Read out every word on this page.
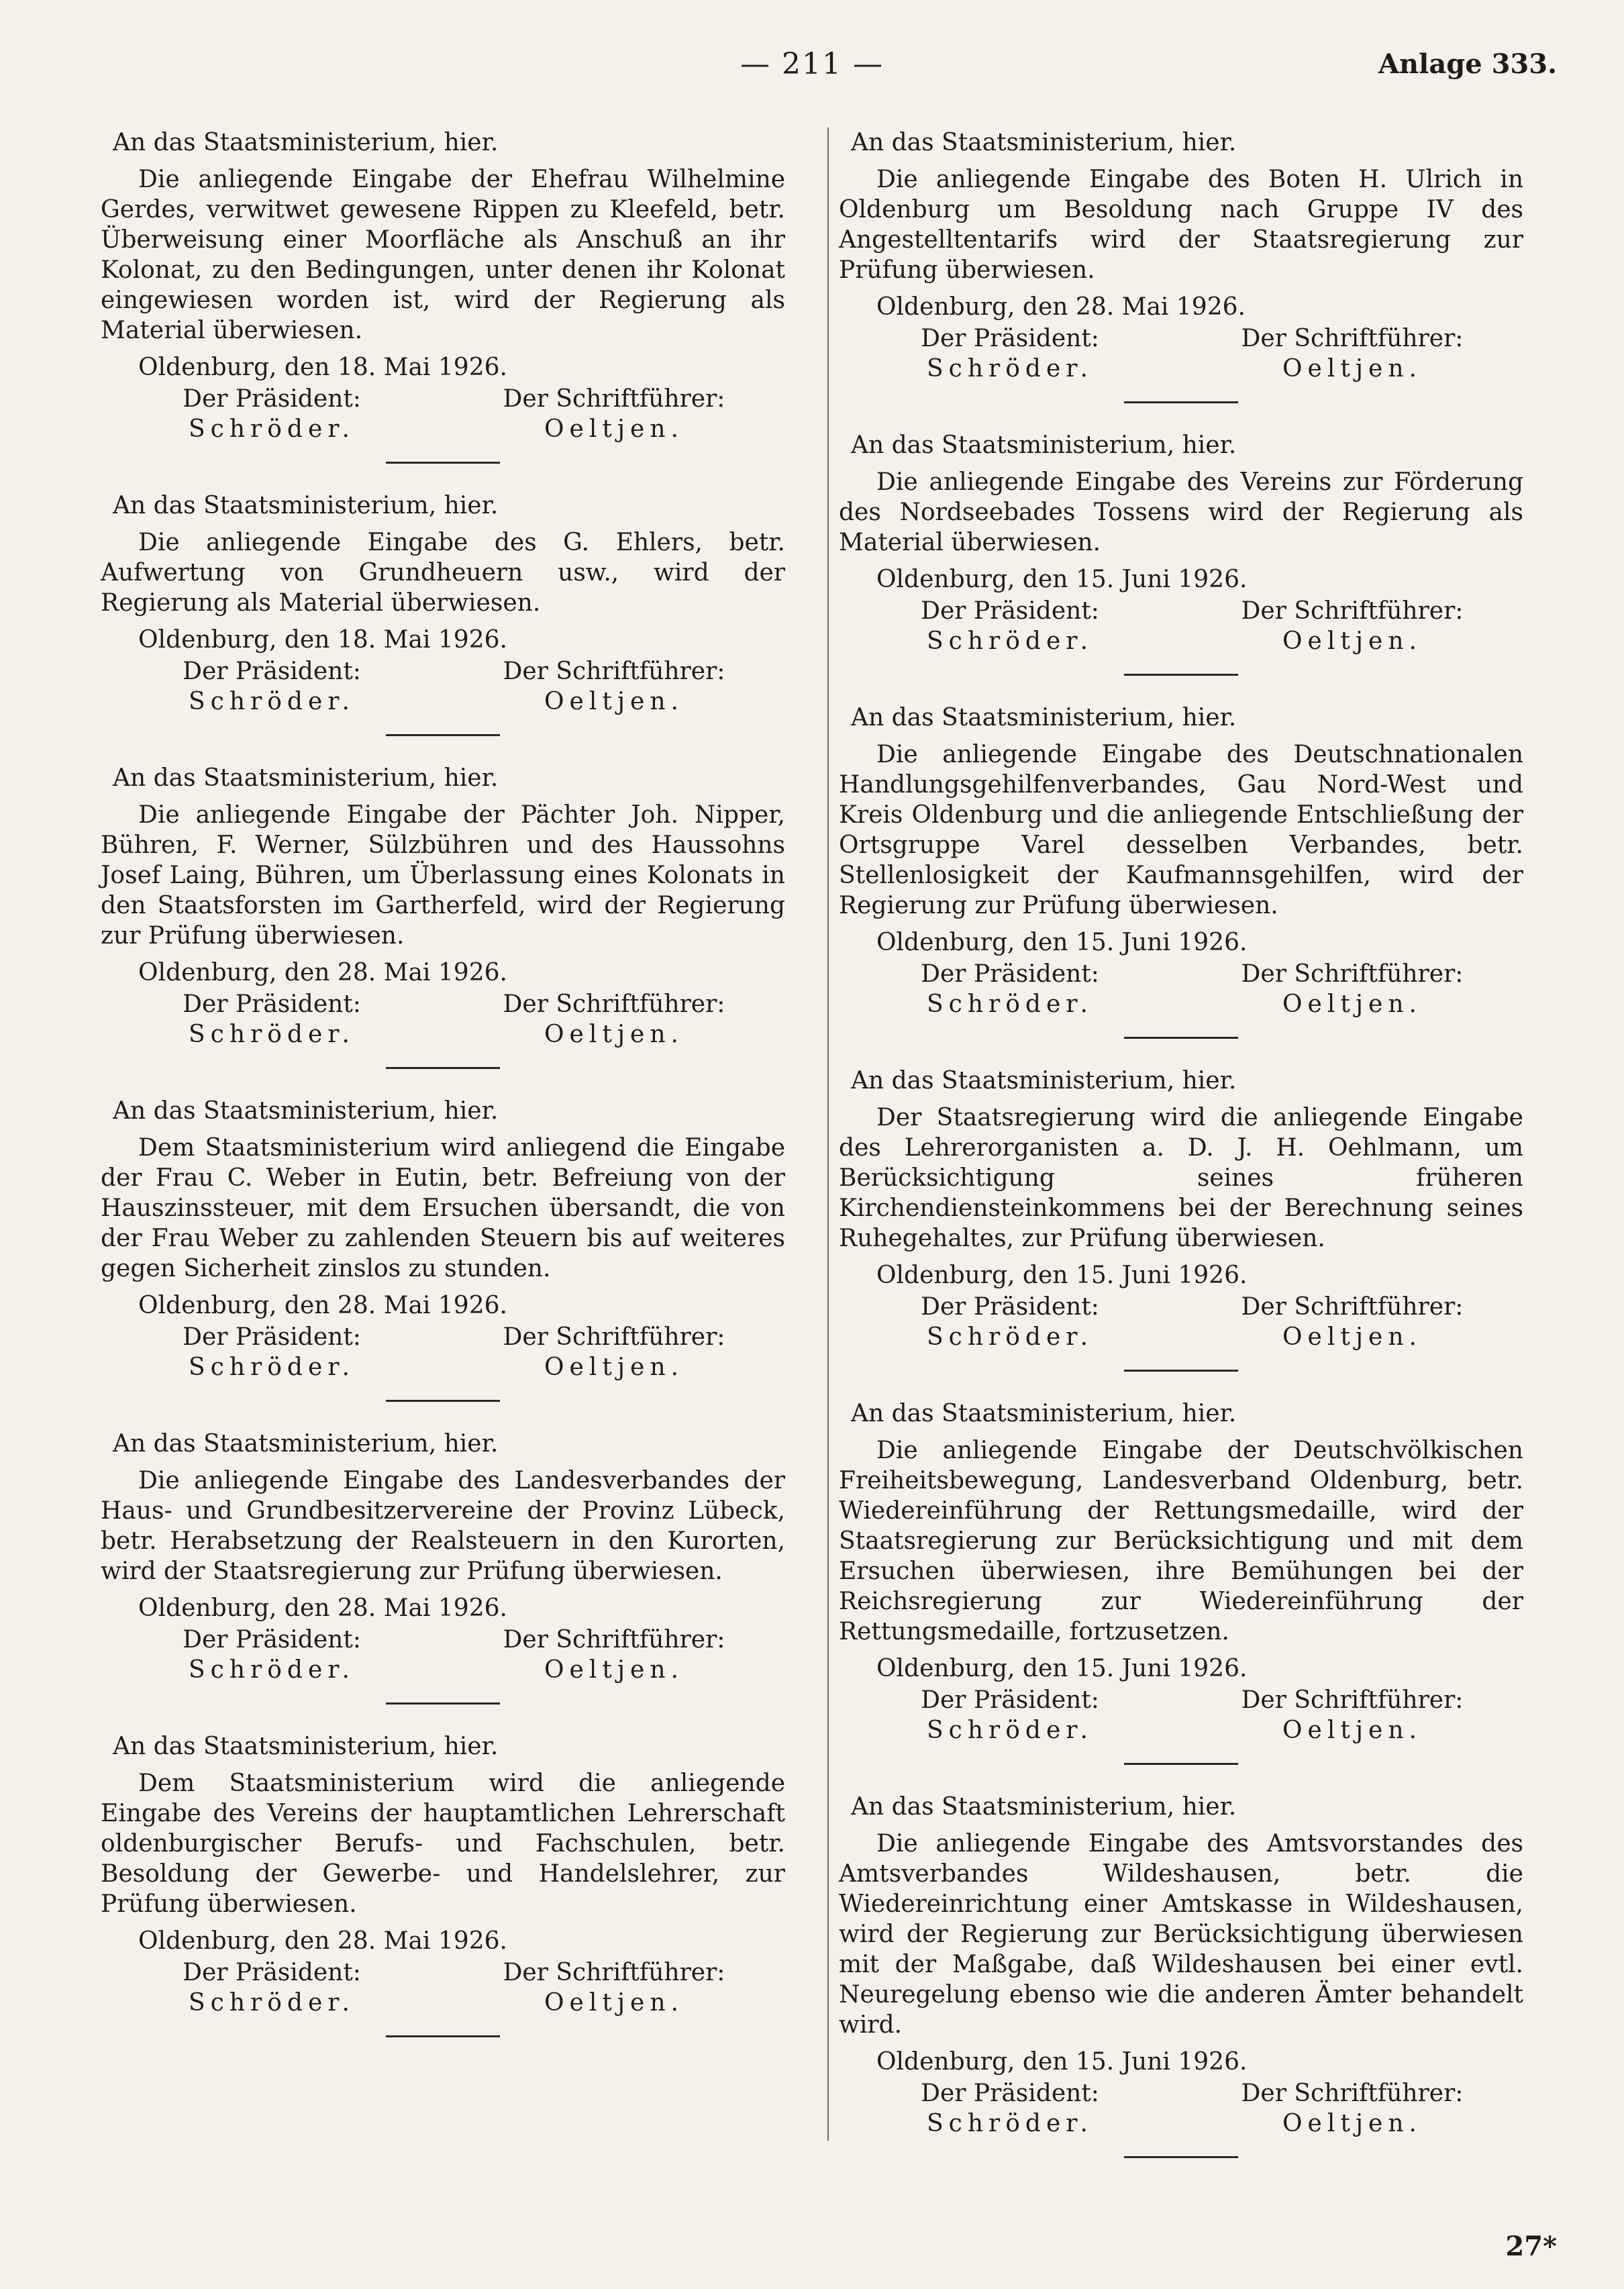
— 211 —	Anlage 333.

An das Staatsministerium, hier.

Die anliegende Eingabe der Ehefrau Wilhelmine Gerdes, verwitwet gewesene Rippen zu Kleefeld, betr. Überweisung einer Moorfläche als Anschuß an ihr Kolonat, zu den Bedingungen, unter denen ihr Kolonat eingewiesen worden ist, wird der Regierung als Material überwiesen.

Oldenburg, den 18. Mai 1926.

Der Präsident:
Schröder.
Der Schriftführer:
Oeltjen.

An das Staatsministerium, hier.

Die anliegende Eingabe des G. Ehlers, betr. Aufwertung von Grundheuern usw., wird der Regierung als Material überwiesen.

Oldenburg, den 18. Mai 1926.

Der Präsident:
Schröder.
Der Schriftführer:
Oeltjen.

An das Staatsministerium, hier.

Die anliegende Eingabe der Pächter Joh. Nipper, Bühren, F. Werner, Sülzbühren und des Haussohns Josef Laing, Bühren, um Überlassung eines Kolonats in den Staatsforsten im Gartherfeld, wird der Regierung zur Prüfung überwiesen.

Oldenburg, den 28. Mai 1926.

Der Präsident:
Schröder.
Der Schriftführer:
Oeltjen.

An das Staatsministerium, hier.

Dem Staatsministerium wird anliegend die Eingabe der Frau C. Weber in Eutin, betr. Befreiung von der Hauszinssteuer, mit dem Ersuchen übersandt, die von der Frau Weber zu zahlenden Steuern bis auf weiteres gegen Sicherheit zinslos zu stunden.

Oldenburg, den 28. Mai 1926.

Der Präsident:
Schröder.
Der Schriftführer:
Oeltjen.

An das Staatsministerium, hier.

Die anliegende Eingabe des Landesverbandes der Haus- und Grundbesitzervereine der Provinz Lübeck, betr. Herabsetzung der Realsteuern in den Kurorten, wird der Staatsregierung zur Prüfung überwiesen.

Oldenburg, den 28. Mai 1926.

Der Präsident:
Schröder.
Der Schriftführer:
Oeltjen.

An das Staatsministerium, hier.

Dem Staatsministerium wird die anliegende Eingabe des Vereins der hauptamtlichen Lehrerschaft oldenburgischer Berufs- und Fachschulen, betr. Besoldung der Gewerbe- und Handelslehrer, zur Prüfung überwiesen.

Oldenburg, den 28. Mai 1926.

Der Präsident:
Schröder.
Der Schriftführer:
Oeltjen.

An das Staatsministerium, hier.

Die anliegende Eingabe des Boten H. Ulrich in Oldenburg um Besoldung nach Gruppe IV des Angestelltentarifs wird der Staatsregierung zur Prüfung überwiesen.

Oldenburg, den 28. Mai 1926.

Der Präsident:
Schröder.
Der Schriftführer:
Oeltjen.

An das Staatsministerium, hier.

Die anliegende Eingabe des Vereins zur Förderung des Nordseebades Tossens wird der Regierung als Material überwiesen.

Oldenburg, den 15. Juni 1926.

Der Präsident:
Schröder.
Der Schriftführer:
Oeltjen.

An das Staatsministerium, hier.

Die anliegende Eingabe des Deutschnationalen Handlungsgehilfenverbandes, Gau Nord-West und Kreis Oldenburg und die anliegende Entschließung der Ortsgruppe Varel desselben Verbandes, betr. Stellenlosigkeit der Kaufmannsgehilfen, wird der Regierung zur Prüfung überwiesen.

Oldenburg, den 15. Juni 1926.

Der Präsident:
Schröder.
Der Schriftführer:
Oeltjen.

An das Staatsministerium, hier.

Der Staatsregierung wird die anliegende Eingabe des Lehrerorganisten a. D. J. H. Oehlmann, um Berücksichtigung seines früheren Kirchendiensteinkommens bei der Berechnung seines Ruhegehaltes, zur Prüfung überwiesen.

Oldenburg, den 15. Juni 1926.

Der Präsident:
Schröder.
Der Schriftführer:
Oeltjen.

An das Staatsministerium, hier.

Die anliegende Eingabe der Deutschvölkischen Freiheitsbewegung, Landesverband Oldenburg, betr. Wiedereinführung der Rettungsmedaille, wird der Staatsregierung zur Berücksichtigung und mit dem Ersuchen überwiesen, ihre Bemühungen bei der Reichsregierung zur Wiedereinführung der Rettungsmedaille, fortzusetzen.

Oldenburg, den 15. Juni 1926.

Der Präsident:
Schröder.
Der Schriftführer:
Oeltjen.

An das Staatsministerium, hier.

Die anliegende Eingabe des Amtsvorstandes des Amtsverbandes Wildeshausen, betr. die Wiedereinrichtung einer Amtskasse in Wildeshausen, wird der Regierung zur Berücksichtigung überwiesen mit der Maßgabe, daß Wildeshausen bei einer evtl. Neuregelung ebenso wie die anderen Ämter behandelt wird.

Oldenburg, den 15. Juni 1926.

Der Präsident:
Schröder.
Der Schriftführer:
Oeltjen.
27*
